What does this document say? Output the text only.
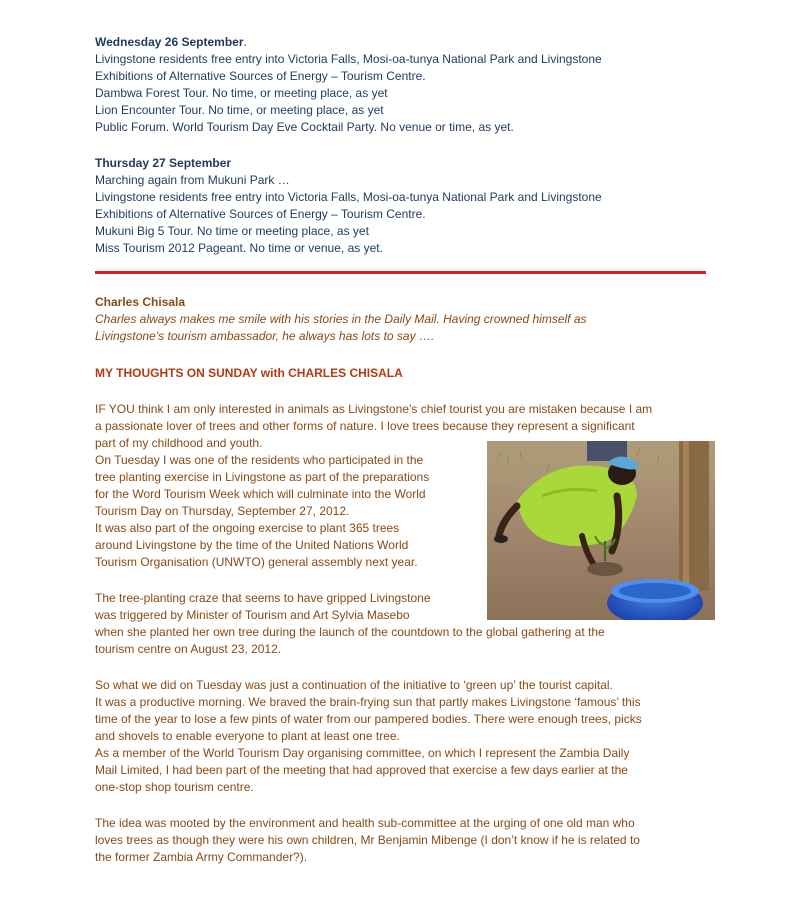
Wednesday 26 September.
Livingstone residents free entry into Victoria Falls, Mosi-oa-tunya National Park and Livingstone
Exhibitions of Alternative Sources of Energy – Tourism Centre.
Dambwa Forest Tour. No time, or meeting place, as yet
Lion Encounter Tour. No time, or meeting place, as yet
Public Forum. World Tourism Day Eve Cocktail Party. No venue or time, as yet.
Thursday 27 September
Marching again from Mukuni Park …
Livingstone residents free entry into Victoria Falls, Mosi-oa-tunya National Park and Livingstone
Exhibitions of Alternative Sources of Energy – Tourism Centre.
Mukuni Big 5 Tour. No time or meeting place, as yet
Miss Tourism 2012 Pageant. No time or venue, as yet.
Charles Chisala
Charles always makes me smile with his stories in the Daily Mail. Having crowned himself as
Livingstone’s tourism ambassador, he always has lots to say ….
MY THOUGHTS ON SUNDAY with CHARLES CHISALA
IF YOU think I am only interested in animals as Livingstone’s chief tourist you are mistaken because I am
a passionate lover of trees and other forms of nature. I love trees because they represent a significant
part of my childhood and youth.
On Tuesday I was one of the residents who participated in the
tree planting exercise in Livingstone as part of the preparations
for the Word Tourism Week which will culminate into the World
Tourism Day on Thursday, September 27, 2012.
It was also part of the ongoing exercise to plant 365 trees
around Livingstone by the time of the United Nations World
Tourism Organisation (UNWTO) general assembly next year.
The tree-planting craze that seems to have gripped Livingstone
was triggered by Minister of Tourism and Art Sylvia Masebo
when she planted her own tree during the launch of the countdown to the global gathering at the
tourism centre on August 23, 2012.
So what we did on Tuesday was just a continuation of the initiative to ‘green up’ the tourist capital.
It was a productive morning. We braved the brain-frying sun that partly makes Livingstone ‘famous’ this
time of the year to lose a few pints of water from our pampered bodies. There were enough trees, picks
and shovels to enable everyone to plant at least one tree.
As a member of the World Tourism Day organising committee, on which I represent the Zambia Daily
Mail Limited, I had been part of the meeting that had approved that exercise a few days earlier at the
one-stop shop tourism centre.
The idea was mooted by the environment and health sub-committee at the urging of one old man who
loves trees as though they were his own children, Mr Benjamin Mibenge (I don’t know if he is related to
the former Zambia Army Commander?).
